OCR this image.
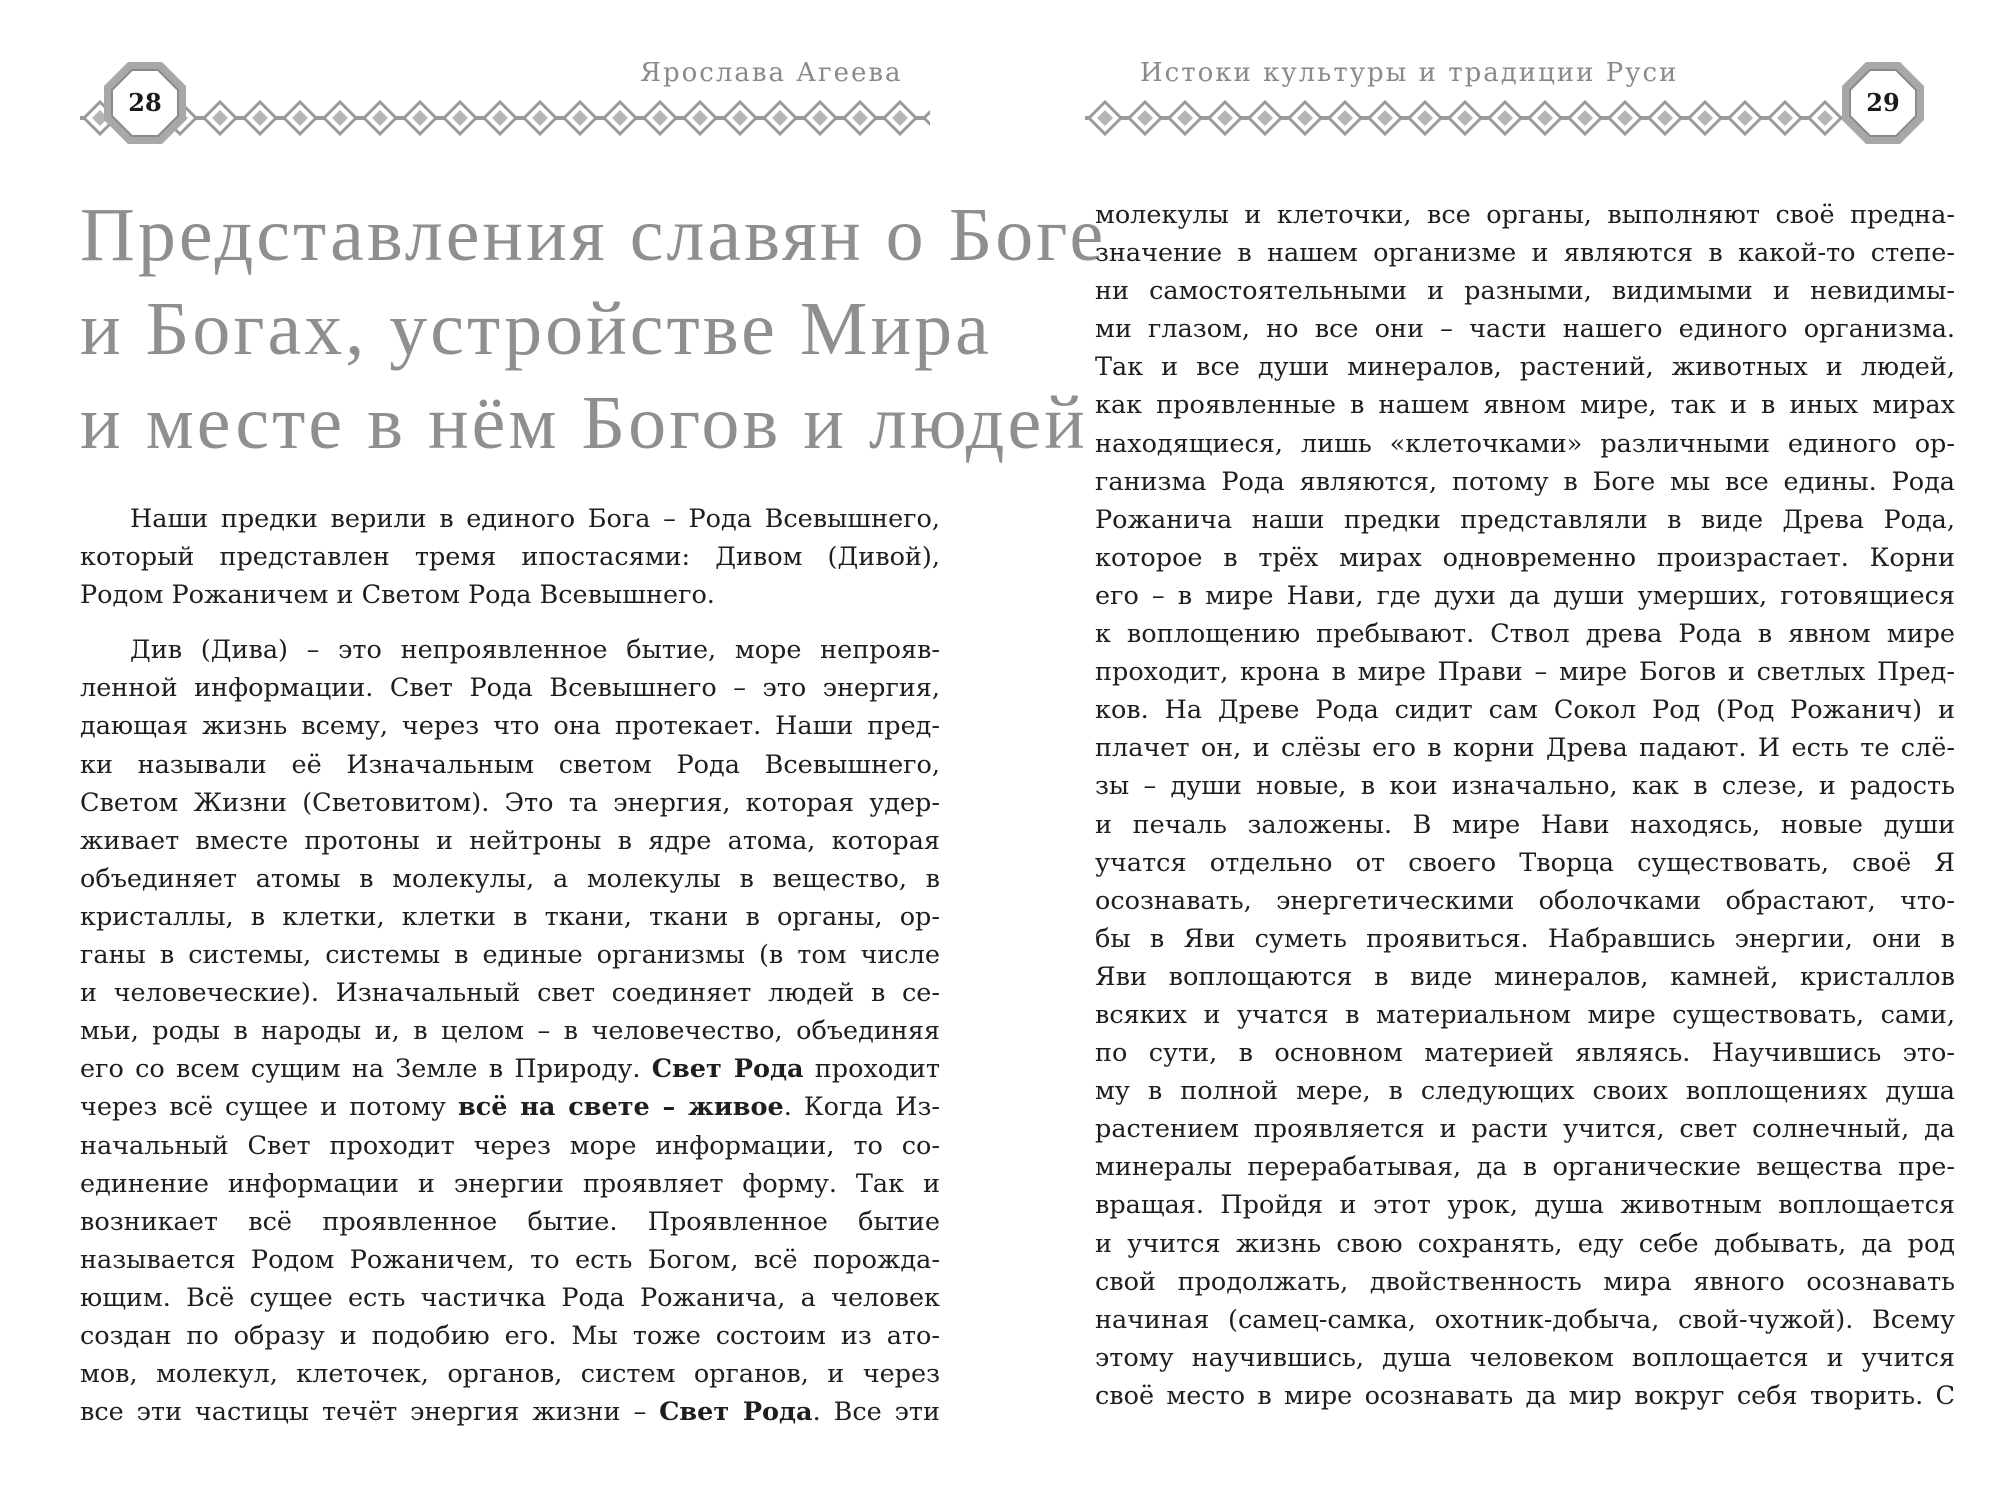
Ярослава Агеева	Истоки культуры и традиции Руси
28	29
Представления славян о Боге
и Богах, устройстве Мира
и месте в нём Богов и людей
Наши предки верили в единого Бога – Рода Всевышнего,
который представлен тремя ипостасями: Дивом (Дивой),
Родом Рожаничем и Светом Рода Всевышнего.
Див (Дива) – это непроявленное бытие, море непрояв-
ленной информации. Свет Рода Всевышнего – это энергия,
дающая жизнь всему, через что она протекает. Наши пред-
ки называли её Изначальным светом Рода Всевышнего,
Светом Жизни (Световитом). Это та энергия, которая удер-
живает вместе протоны и нейтроны в ядре атома, которая
объединяет атомы в молекулы, а молекулы в вещество, в
кристаллы, в клетки, клетки в ткани, ткани в органы, ор-
ганы в системы, системы в единые организмы (в том числе
и человеческие). Изначальный свет соединяет людей в се-
мьи, роды в народы и, в целом – в человечество, объединяя
его со всем сущим на Земле в Природу. Свет Рода проходит
через всё сущее и потому всё на свете – живое. Когда Из-
начальный Свет проходит через море информации, то со-
единение информации и энергии проявляет форму. Так и
возникает всё проявленное бытие. Проявленное бытие
называется Родом Рожаничем, то есть Богом, всё порожда-
ющим. Всё сущее есть частичка Рода Рожанича, а человек
создан по образу и подобию его. Мы тоже состоим из ато-
мов, молекул, клеточек, органов, систем органов, и через
все эти частицы течёт энергия жизни – Свет Рода. Все эти
молекулы и клеточки, все органы, выполняют своё предна-
значение в нашем организме и являются в какой-то степе-
ни самостоятельными и разными, видимыми и невидимы-
ми глазом, но все они – части нашего единого организма.
Так и все души минералов, растений, животных и людей,
как проявленные в нашем явном мире, так и в иных мирах
находящиеся, лишь «клеточками» различными единого ор-
ганизма Рода являются, потому в Боге мы все едины. Рода
Рожанича наши предки представляли в виде Древа Рода,
которое в трёх мирах одновременно произрастает. Корни
его – в мире Нави, где духи да души умерших, готовящиеся
к воплощению пребывают. Ствол древа Рода в явном мире
проходит, крона в мире Прави – мире Богов и светлых Пред-
ков. На Древе Рода сидит сам Сокол Род (Род Рожанич) и
плачет он, и слёзы его в корни Древа падают. И есть те слё-
зы – души новые, в кои изначально, как в слезе, и радость
и печаль заложены. В мире Нави находясь, новые души
учатся отдельно от своего Творца существовать, своё Я
осознавать, энергетическими оболочками обрастают, что-
бы в Яви суметь проявиться. Набравшись энергии, они в
Яви воплощаются в виде минералов, камней, кристаллов
всяких и учатся в материальном мире существовать, сами,
по сути, в основном материей являясь. Научившись это-
му в полной мере, в следующих своих воплощениях душа
растением проявляется и расти учится, свет солнечный, да
минералы перерабатывая, да в органические вещества пре-
вращая. Пройдя и этот урок, душа животным воплощается
и учится жизнь свою сохранять, еду себе добывать, да род
свой продолжать, двойственность мира явного осознавать
начиная (самец-самка, охотник-добыча, свой-чужой). Всему
этому научившись, душа человеком воплощается и учится
своё место в мире осознавать да мир вокруг себя творить. С
